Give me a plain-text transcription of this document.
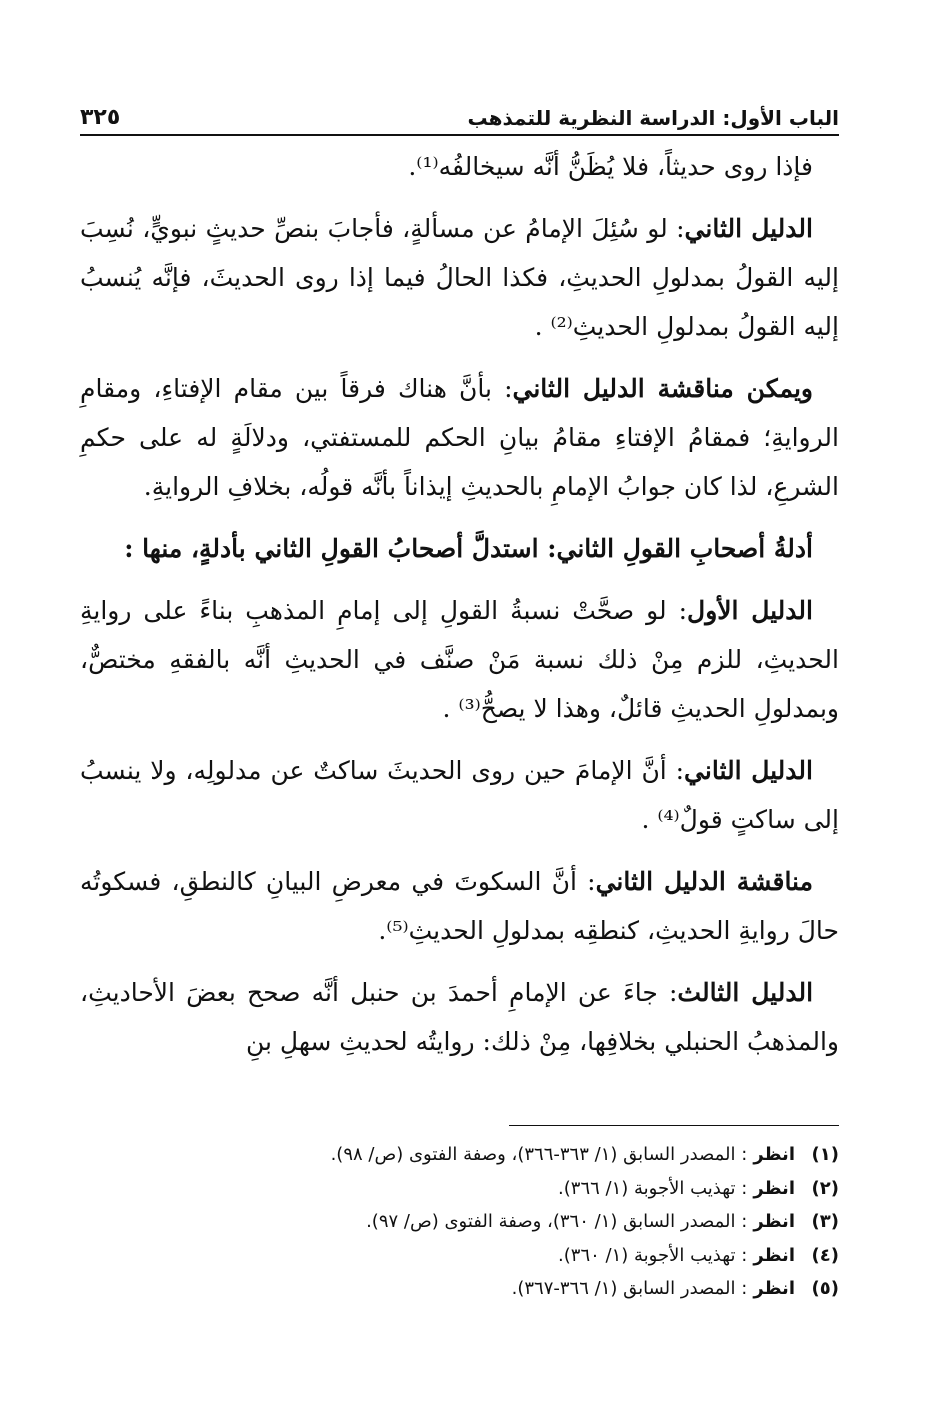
الباب الأول: الدراسة النظرية للتمذهب
٣٢٥

فإذا روى حديثاً، فلا يُظَنُّ أنَّه سيخالفُه⁽¹⁾.

الدليل الثاني: لو سُئِلَ الإمامُ عن مسألةٍ، فأجابَ بنصِّ حديثٍ نبويٍّ، نُسِبَ إليه القولُ بمدلولِ الحديثِ، فكذا الحالُ فيما إذا روى الحديثَ، فإنَّه يُنسبُ إليه القولُ بمدلولِ الحديثِ⁽²⁾ .

ويمكن مناقشة الدليل الثاني: بأنَّ هناك فرقاً بين مقام الإفتاءِ، ومقامِ الروايةِ؛ فمقامُ الإفتاءِ مقامُ بيانِ الحكم للمستفتي، ودلالَةٍ له على حكمِ الشرعِ، لذا كان جوابُ الإمامِ بالحديثِ إيذاناً بأنَّه قولُه، بخلافِ الروايةِ.

أدلةُ أصحابِ القولِ الثاني: استدلَّ أصحابُ القولِ الثاني بأدلةٍ، منها :

الدليل الأول: لو صحَّتْ نسبةُ القولِ إلى إمامِ المذهبِ بناءً على روايةِ الحديثِ، للزم مِنْ ذلك نسبة مَنْ صنَّف في الحديثِ أنَّه بالفقهِ مختصٌّ، وبمدلولِ الحديثِ قائلٌ، وهذا لا يصحُّ⁽³⁾ .

الدليل الثاني: أنَّ الإمامَ حين روى الحديثَ ساكتٌ عن مدلولِه، ولا ينسبُ إلى ساكتٍ قولٌ⁽⁴⁾ .

مناقشة الدليل الثاني: أنَّ السكوتَ في معرضِ البيانِ كالنطقِ، فسكوتُه حالَ روايةِ الحديثِ، كنطقِه بمدلولِ الحديثِ⁽⁵⁾.

الدليل الثالث: جاءَ عن الإمامِ أحمدَ بن حنبل أنَّه صحح بعضَ الأحاديثِ، والمذهبُ الحنبلي بخلافِها، مِنْ ذلك: روايتُه لحديثِ سهلِ بنِ

(١)
انظر
: المصدر السابق (١/ ٣٦٣-٣٦٦)، وصفة الفتوى (ص/ ٩٨).
(٢)
انظر
: تهذيب الأجوبة (١/ ٣٦٦).
(٣)
انظر
: المصدر السابق (١/ ٣٦٠)، وصفة الفتوى (ص/ ٩٧).
(٤)
انظر
: تهذيب الأجوبة (١/ ٣٦٠).
(٥)
انظر
: المصدر السابق (١/ ٣٦٦-٣٦٧).
